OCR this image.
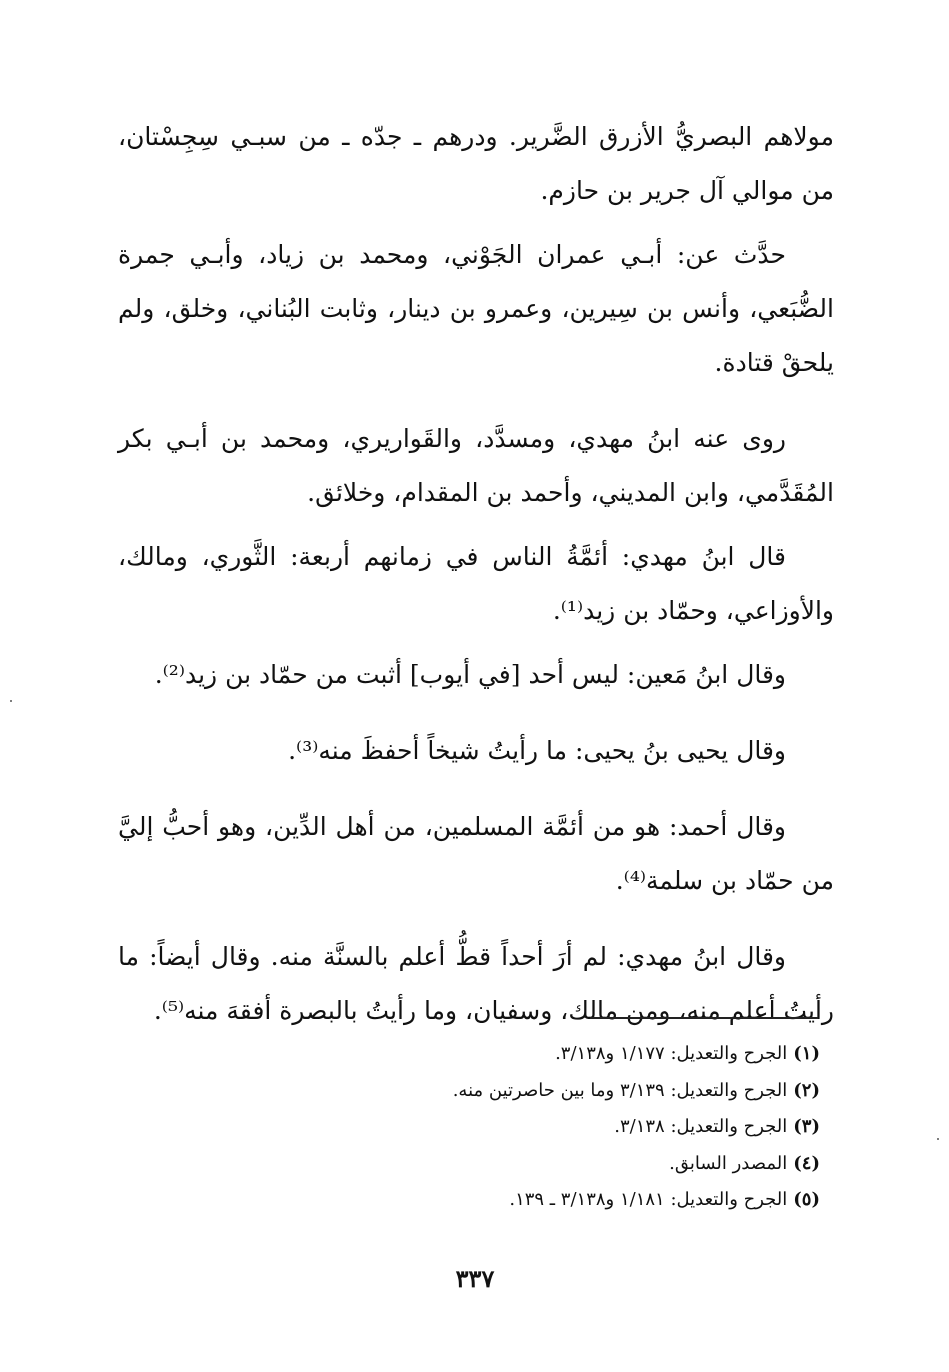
مولاهم البصريُّ الأزرق الضَّرير. ودرهم ـ جدّه ـ من سبـي سِجِسْتان، من موالي آل جرير بن حازم.

حدَّث عن: أبـي عمران الجَوْني، ومحمد بن زياد، وأبـي جمرة الضُّبَعي، وأنس بن سِيرين، وعمرو بن دينار، وثابت البُناني، وخلق، ولم يلحقْ قتادة.

روى عنه ابنُ مهدي، ومسدَّد، والقَواريري، ومحمد بن أبـي بكر المُقَدَّمي، وابن المديني، وأحمد بن المقدام، وخلائق.

قال ابنُ مهدي: أئمَّةُ الناس في زمانهم أربعة: الثَّوري، ومالك، والأوزاعي، وحمّاد بن زيد⁽¹⁾.

وقال ابنُ مَعين: ليس أحد [في أيوب] أثبت من حمّاد بن زيد⁽²⁾.

وقال يحيى بنُ يحيى: ما رأيتُ شيخاً أحفظَ منه⁽³⁾.

وقال أحمد: هو من أئمَّة المسلمين، من أهل الدِّين، وهو أحبُّ إليَّ من حمّاد بن سلمة⁽⁴⁾.

وقال ابنُ مهدي: لم أرَ أحداً قطُّ أعلم بالسنَّة منه. وقال أيضاً: ما رأيتُ أعلم منه، ومن مالك، وسفيان، وما رأيتُ بالبصرة أفقهَ منه⁽⁵⁾.

(١)الجرح والتعديل: ١/١٧٧ و٣/١٣٨.

(٢)الجرح والتعديل: ٣/١٣٩ وما بين حاصرتين منه.

(٣)الجرح والتعديل: ٣/١٣٨.

(٤)المصدر السابق.

(٥)الجرح والتعديل: ١/١٨١ و٣/١٣٨ ـ ١٣٩.

٣٣٧
